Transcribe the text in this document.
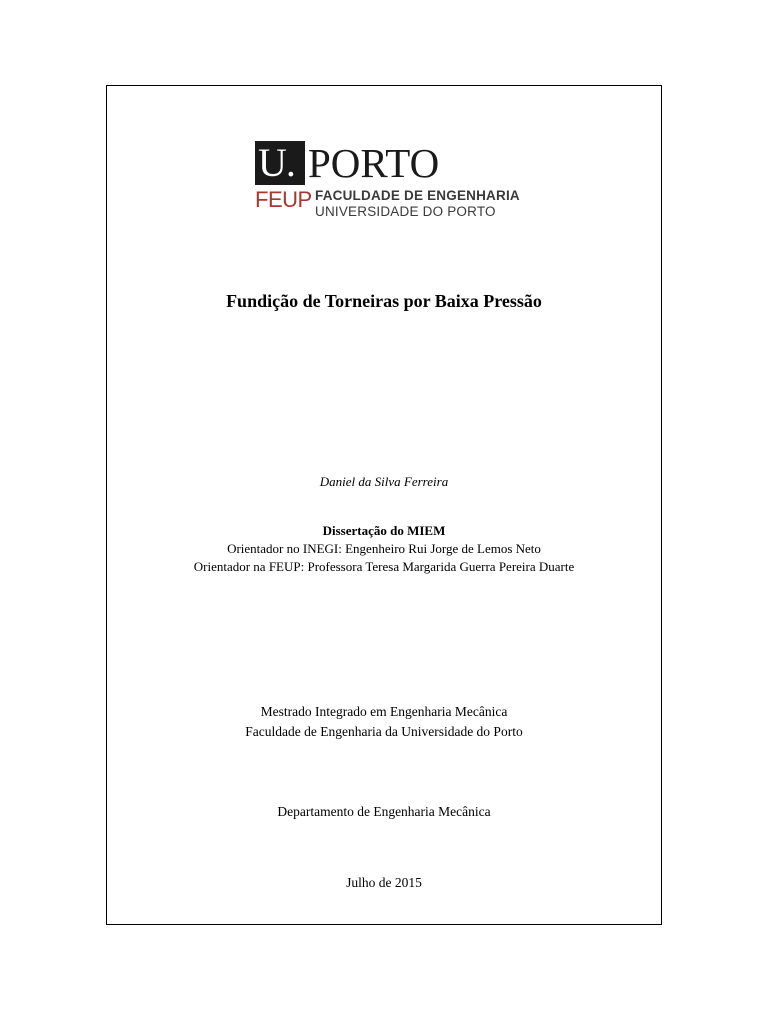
U. PORTO
FEUP FACULDADE DE ENGENHARIA
UNIVERSIDADE DO PORTO
Fundição de Torneiras por Baixa Pressão
Daniel da Silva Ferreira
Dissertação do MIEM
Orientador no INEGI: Engenheiro Rui Jorge de Lemos Neto
Orientador na FEUP: Professora Teresa Margarida Guerra Pereira Duarte
Mestrado Integrado em Engenharia Mecânica
Faculdade de Engenharia da Universidade do Porto
Departamento de Engenharia Mecânica
Julho de 2015
